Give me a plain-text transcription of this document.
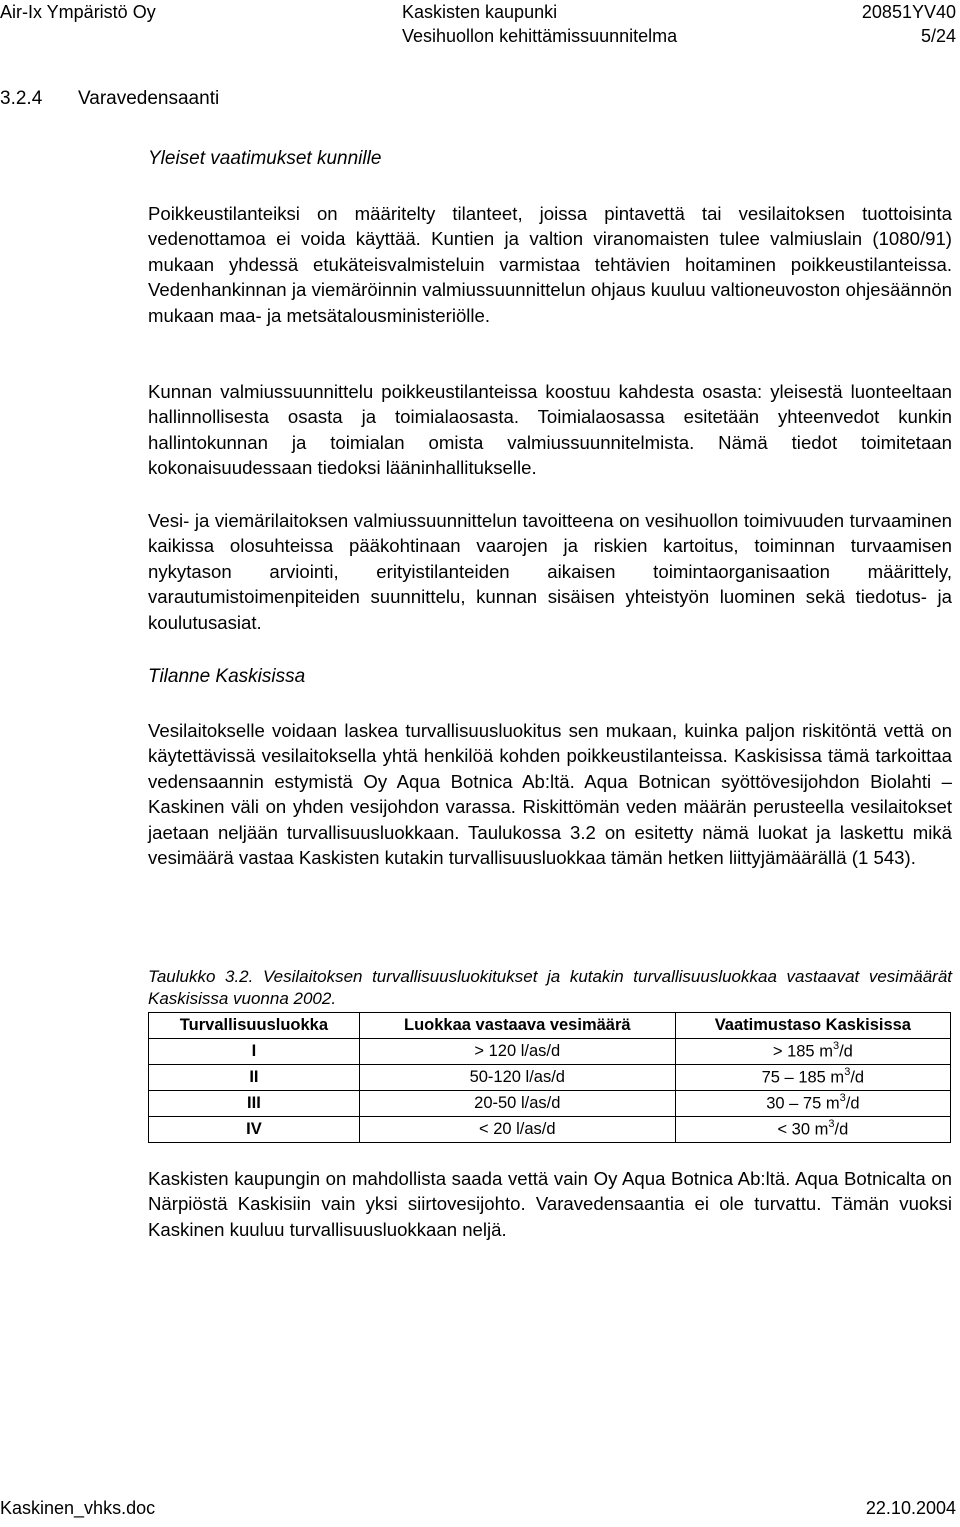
Air-Ix Ympäristö Oy	Kaskisten kaupunki	20851YV40
Vesihuollon kehittämissuunnitelma	5/24
3.2.4 Varavedensaanti
Yleiset vaatimukset kunnille
Poikkeustilanteiksi on määritelty tilanteet, joissa pintavettä tai vesilaitoksen tuottoisinta vedenottamoa ei voida käyttää. Kuntien ja valtion viranomaisten tulee valmiuslain (1080/91) mukaan yhdessä etukäteisvalmisteluin varmistaa tehtävien hoitaminen poikkeustilanteissa. Vedenhankinnan ja viemäröinnin valmiussuunnittelun ohjaus kuuluu valtioneuvoston ohjesäännön mukaan maa- ja metsätalousministeriölle.
Kunnan valmiussuunnittelu poikkeustilanteissa koostuu kahdesta osasta: yleisestä luonteeltaan hallinnollisesta osasta ja toimialaosasta. Toimialaosassa esitetään yhteenvedot kunkin hallintokunnan ja toimialan omista valmiussuunnitelmista. Nämä tiedot toimitetaan kokonaisuudessaan tiedoksi lääninhallitukselle.
Vesi- ja viemärilaitoksen valmiussuunnittelun tavoitteena on vesihuollon toimivuuden turvaaminen kaikissa olosuhteissa pääkohtinaan vaarojen ja riskien kartoitus, toiminnan turvaamisen nykytason arviointi, erityistilanteiden aikaisen toimintaorganisaation määrittely, varautumistoimenpiteiden suunnittelu, kunnan sisäisen yhteistyön luominen sekä tiedotus- ja koulutusasiat.
Tilanne Kaskisissa
Vesilaitokselle voidaan laskea turvallisuusluokitus sen mukaan, kuinka paljon riskitöntä vettä on käytettävissä vesilaitoksella yhtä henkilöä kohden poikkeustilanteissa. Kaskisissa tämä tarkoittaa vedensaannin estymistä Oy Aqua Botnica Ab:ltä. Aqua Botnican syöttövesijohdon Biolahti – Kaskinen väli on yhden vesijohdon varassa. Riskittömän veden määrän perusteella vesilaitokset jaetaan neljään turvallisuusluokkaan. Taulukossa 3.2 on esitetty nämä luokat ja laskettu mikä vesimäärä vastaa Kaskisten kutakin turvallisuusluokkaa tämän hetken liittyjämäärällä (1 543).
Taulukko 3.2. Vesilaitoksen turvallisuusluokitukset ja kutakin turvallisuusluokkaa vastaavat vesimäärät Kaskisissa vuonna 2002.
Turvallisuusluokka	Luokkaa vastaava vesimäärä	Vaatimustaso Kaskisissa
I	> 120 l/as/d	> 185 $m^3/d$
II	50-120 l/as/d	75 – 185 $m^3/d$
III	20-50 l/as/d	30 – 75 $m^3/d$
IV	< 20 l/as/d	< 30 $m^3/d$
Kaskisten kaupungin on mahdollista saada vettä vain Oy Aqua Botnica Ab:ltä. Aqua Botnicalta on Närpiöstä Kaskisiin vain yksi siirtovesijohto. Varavedensaantia ei ole turvattu. Tämän vuoksi Kaskinen kuuluu turvallisuusluokkaan neljä.
Kaskinen_vhks.doc	22.10.2004
